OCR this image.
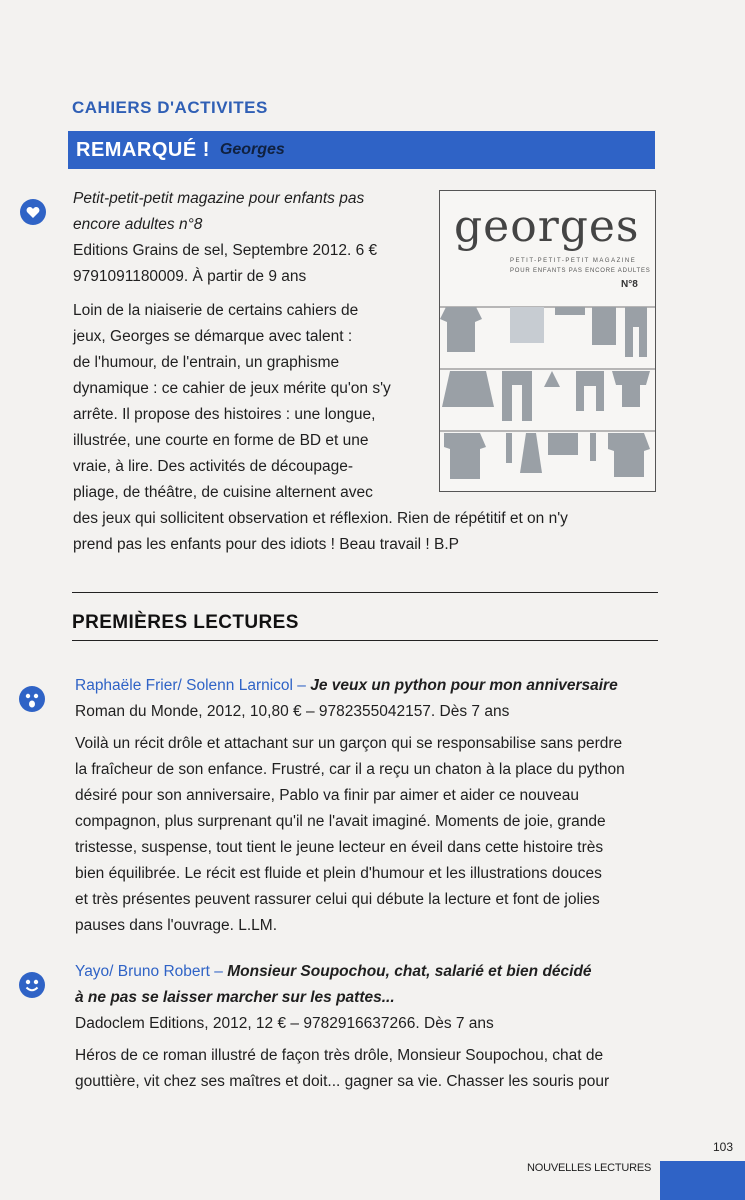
CAHIERS D'ACTIVITES
REMARQUÉ ! Georges
Petit-petit-petit magazine pour enfants pas
encore adultes n°8
Editions Grains de sel, Septembre 2012. 6 €
9791091180009. À partir de 9 ans
Loin de la niaiserie de certains cahiers de
jeux, Georges se démarque avec talent :
de l'humour, de l'entrain, un graphisme
dynamique : ce cahier de jeux mérite qu'on s'y
arrête. Il propose des histoires : une longue,
illustrée, une courte en forme de BD et une
vraie, à lire. Des activités de découpage-
pliage, de théâtre, de cuisine alternent avec
des jeux qui sollicitent observation et réflexion. Rien de répétitif et on n'y
prend pas les enfants pour des idiots ! Beau travail ! B.P
georges
PETIT-PETIT-PETIT MAGAZINE
POUR ENFANTS PAS ENCORE ADULTES
N°8
PREMIÈRES LECTURES
Raphaële Frier/ Solenn Larnicol – Je veux un python pour mon anniversaire
Roman du Monde, 2012, 10,80 € – 9782355042157. Dès 7 ans
Voilà un récit drôle et attachant sur un garçon qui se responsabilise sans perdre
la fraîcheur de son enfance. Frustré, car il a reçu un chaton à la place du python
désiré pour son anniversaire, Pablo va finir par aimer et aider ce nouveau
compagnon, plus surprenant qu'il ne l'avait imaginé. Moments de joie, grande
tristesse, suspense, tout tient le jeune lecteur en éveil dans cette histoire très
bien équilibrée. Le récit est fluide et plein d'humour et les illustrations douces
et très présentes peuvent rassurer celui qui débute la lecture et font de jolies
pauses dans l'ouvrage. L.LM.
Yayo/ Bruno Robert – Monsieur Soupochou, chat, salarié et bien décidé
à ne pas se laisser marcher sur les pattes...
Dadoclem Editions, 2012, 12 € – 9782916637266. Dès 7 ans
Héros de ce roman illustré de façon très drôle, Monsieur Soupochou, chat de
gouttière, vit chez ses maîtres et doit... gagner sa vie. Chasser les souris pour
103
NOUVELLES LECTURES
